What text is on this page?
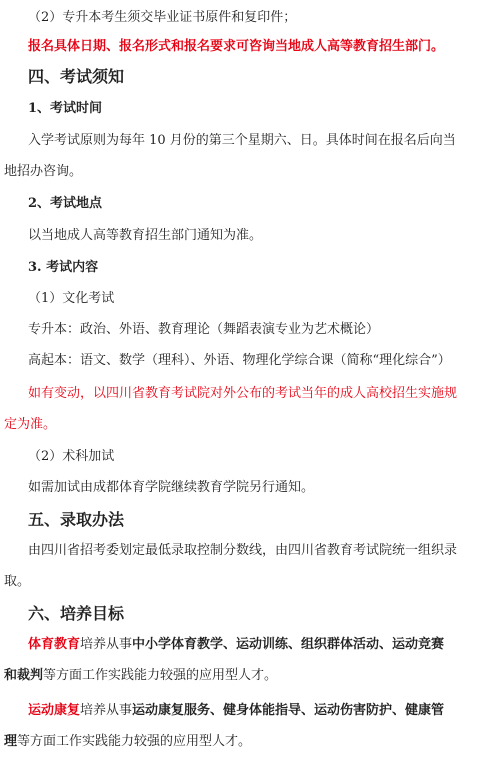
（2）专升本考生须交毕业证书原件和复印件；
报名具体日期、报名形式和报名要求可咨询当地成人高等教育招生部门。
四、考试须知
1、考试时间
入学考试原则为每年 10 月份的第三个星期六、日。具体时间在报名后向当
地招办咨询。
2、考试地点
以当地成人高等教育招生部门通知为准。
3. 考试内容
（1）文化考试
专升本：政治、外语、教育理论（舞蹈表演专业为艺术概论）
高起本：语文、数学（理科）、外语、物理化学综合课（简称“理化综合”）
如有变动，以四川省教育考试院对外公布的考试当年的成人高校招生实施规
定为准。
（2）术科加试
如需加试由成都体育学院继续教育学院另行通知。
五、录取办法
由四川省招考委划定最低录取控制分数线，由四川省教育考试院统一组织录
取。
六、培养目标
体育教育培养从事中小学体育教学、运动训练、组织群体活动、运动竞赛
和裁判等方面工作实践能力较强的应用型人才。
运动康复培养从事运动康复服务、健身体能指导、运动伤害防护、健康管
理等方面工作实践能力较强的应用型人才。
